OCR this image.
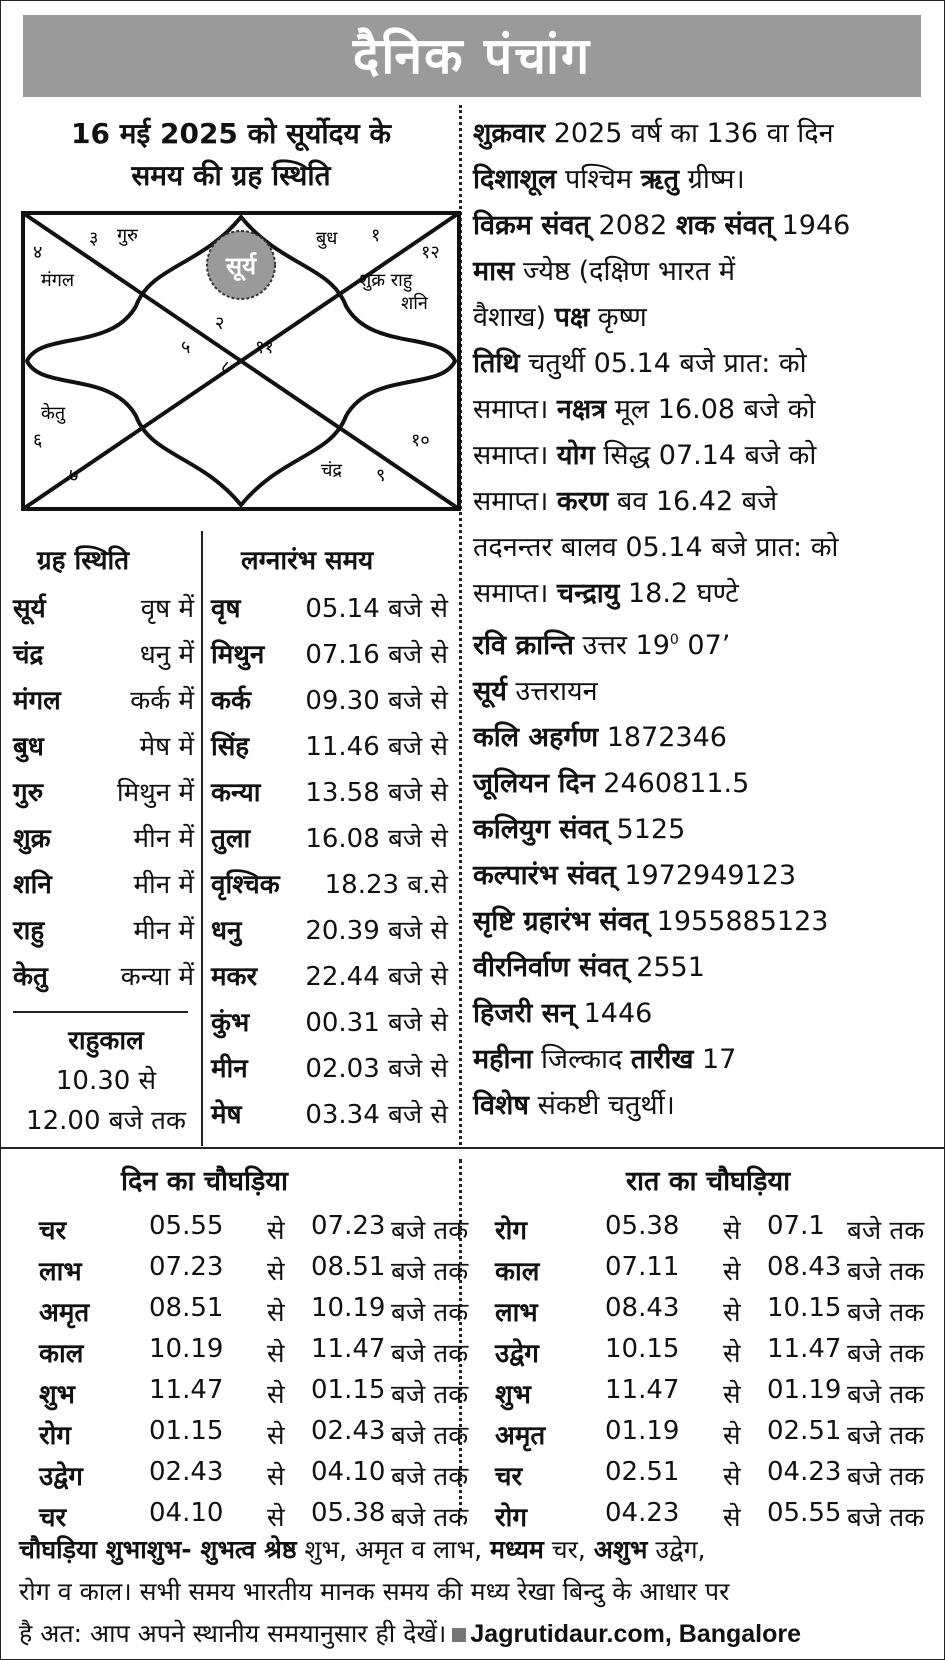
दैनिक पंचांग
16 मई 2025 को सूर्योदय के
समय की ग्रह स्थिति
सूर्य
३ गुरु
४
मंगल
१
बुध
१२
शुक्र राहु
शनि
२
५	११
८
केतु
६
७
१०
चंद्र ९
ग्रह स्थिति	लग्नारंभ समय
सूर्य	वृष में
चंद्र	धनु में
मंगल	कर्क में
बुध	मेष में
गुरु	मिथुन में
शुक्र	मीन में
शनि	मीन में
राहु	मीन में
केतु	कन्या में
राहुकाल
10.30 से
12.00 बजे तक
वृष 05.14 बजे से
मिथुन 07.16 बजे से
कर्क 09.30 बजे से
सिंह 11.46 बजे से
कन्या 13.58 बजे से
तुला 16.08 बजे से
वृश्चिक 18.23 ब.से
धनु 20.39 बजे से
मकर 22.44 बजे से
कुंभ 00.31 बजे से
मीन 02.03 बजे से
मेष 03.34 बजे से

शुक्रवार 2025 वर्ष का 136 वा दिन

दिशाशूल पश्चिम ऋतु ग्रीष्म।

विक्रम संवत् 2082 शक संवत् 1946

मास ज्येष्ठ (दक्षिण भारत में

वैशाख) पक्ष कृष्ण

तिथि चतुर्थी 05.14 बजे प्रात: को

समाप्त। नक्षत्र मूल 16.08 बजे को

समाप्त। योग सिद्ध 07.14 बजे को

समाप्त। करण बव 16.42 बजे

तदनन्तर बालव 05.14 बजे प्रात: को

समाप्त। चन्द्रायु 18.2 घण्टे

रवि क्रान्ति उत्तर $19^0$ 07’

सूर्य उत्तरायन

कलि अहर्गण 1872346

जूलियन दिन 2460811.5

कलियुग संवत् 5125

कल्पारंभ संवत् 1972949123

सृष्टि ग्रहारंभ संवत् 1955885123

वीरनिर्वाण संवत् 2551

हिजरी सन् 1446

महीना जिल्काद तारीख 17

विशेष संकष्टी चतुर्थी।

दिन का चौघड़िया	रात का चौघड़िया
चर	05.55 से 07.23 बजे तक
लाभ	07.23 से 08.51 बजे तक
अमृत 08.51 से 10.19 बजे तक
काल	10.19 से 11.47 बजे तक
शुभ	11.47 से 01.15 बजे तक
रोग	01.15 से 02.43 बजे तक
उद्वेग	02.43 से 04.10 बजे तक
चर	04.10 से 05.38 बजे तक
रोग	05.38 से 07.1 बजे तक
काल	07.11 से 08.43 बजे तक
लाभ	08.43 से 10.15 बजे तक
उद्वेग	10.15 से 11.47 बजे तक
शुभ	11.47 से 01.19 बजे तक
अमृत 01.19 से 02.51 बजे तक
चर	02.51 से 04.23 बजे तक
रोग	04.23 से 05.55 बजे तक
चौघड़िया शुभाशुभ- शुभत्व श्रेष्ठ शुभ, अमृत व लाभ, मध्यम चर, अशुभ उद्वेग,
रोग व काल। सभी समय भारतीय मानक समय की मध्य रेखा बिन्दु के आधार पर
है अत: आप अपने स्थानीय समयानुसार ही देखें। Jagrutidaur.com, Bangalore
